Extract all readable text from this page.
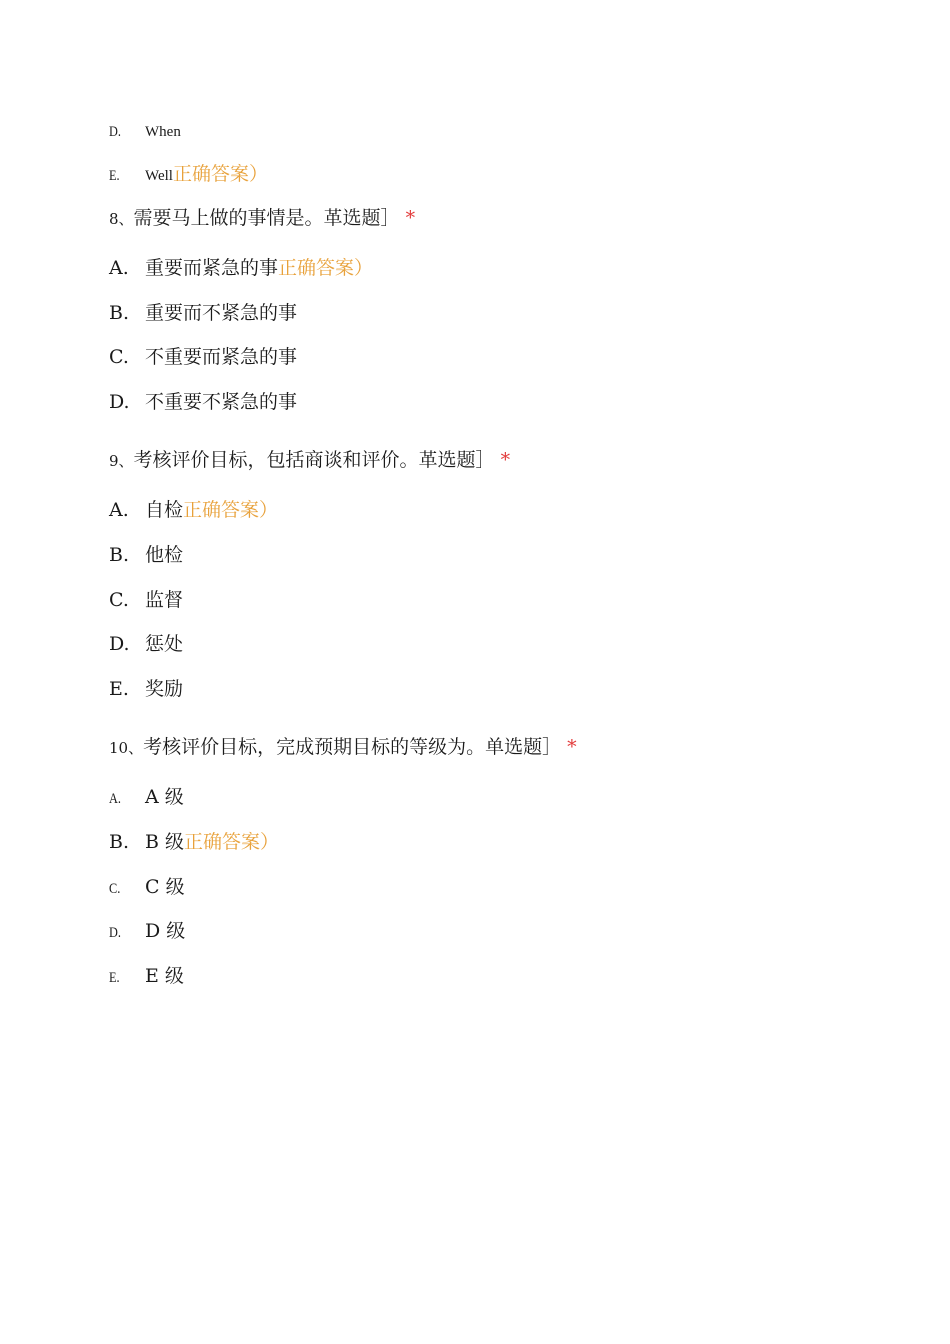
D. When
E. Well正确答案）
8、需要马上做的事情是。革选题］ *
A. 重要而紧急的事正确答案）
B. 重要而不紧急的事
C. 不重要而紧急的事
D. 不重要不紧急的事
9、考核评价目标，包括商谈和评价。革选题］ *
A. 自检正确答案）
B. 他检
C. 监督
D. 惩处
E. 奖励
10、考核评价目标，完成预期目标的等级为。单选题］ *
A. A 级
B. B 级正确答案）
C. C 级
D. D 级
E. E 级
